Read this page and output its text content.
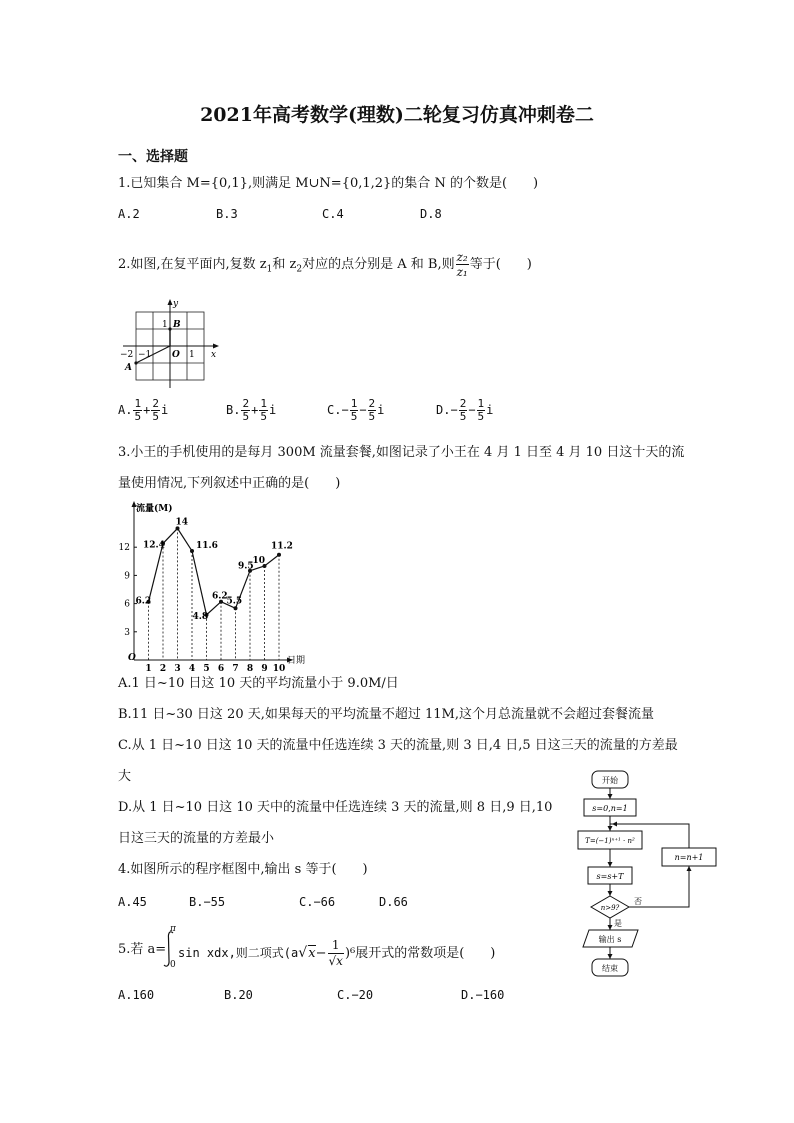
2021年高考数学(理数)二轮复习仿真冲刺卷二
一、选择题
1.已知集合 M={0,1},则满足 M∪N={0,1,2}的集合 N 的个数是(　　)
A.2	B.3	C.4	D.8
2.如图,在复平面内,复数 $z_1$和 $z_2$对应的点分别是 A 和 B,则 $\frac{\text{z₂}}{\text{z₁}}$ 等于(　　)
y
x
1 B
−2 −1 O 1
A
A. $\frac{1}{5} + \frac{2}{5}$ i	B. $\frac{2}{5} + \frac{1}{5}$ i	$C.- \frac{1}{5} - \frac{2}{5}$ i	$D.- \frac{2}{5} - \frac{1}{5}$ i
3.小王的手机使用的是每月 300M 流量套餐,如图记录了小王在 4 月 1 日至 4 月 10 日这十天的流
量使用情况,下列叙述中正确的是(　　)
流量(M)
日期
O
3
6
9
12
1 2 3 4 5 6 7 8 9 10
6.2
12.4
14
11.6
4.8
6.2
5.5
9.5
10
11.2
A.1 日~10 日这 10 天的平均流量小于 9.0M/日
B.11 日~30 日这 20 天,如果每天的平均流量不超过 11M,这个月总流量就不会超过套餐流量
C.从 1 日~10 日这 10 天的流量中任选连续 3 天的流量,则 3 日,4 日,5 日这三天的流量的方差最
大
D.从 1 日~10 日这 10 天中的流量中任选连续 3 天的流量,则 8 日,9 日,10
日这三天的流量的方差最小
开始
s=0,n=1
T=(−1)ⁿ⁺¹ · n²
s=s+T
n>9?
否
是
输出 s
结束
n=n+1
4.如图所示的程序框图中,输出 s 等于(　　)
A.45	B.−55	C.−66	D.66
5.若 a=
π
0
sin xdx,则二项式$(a√x- \frac{1}{√x} )^6$展开式的常数项是(　　)
A.160	B.20	C.−20	D.−160
